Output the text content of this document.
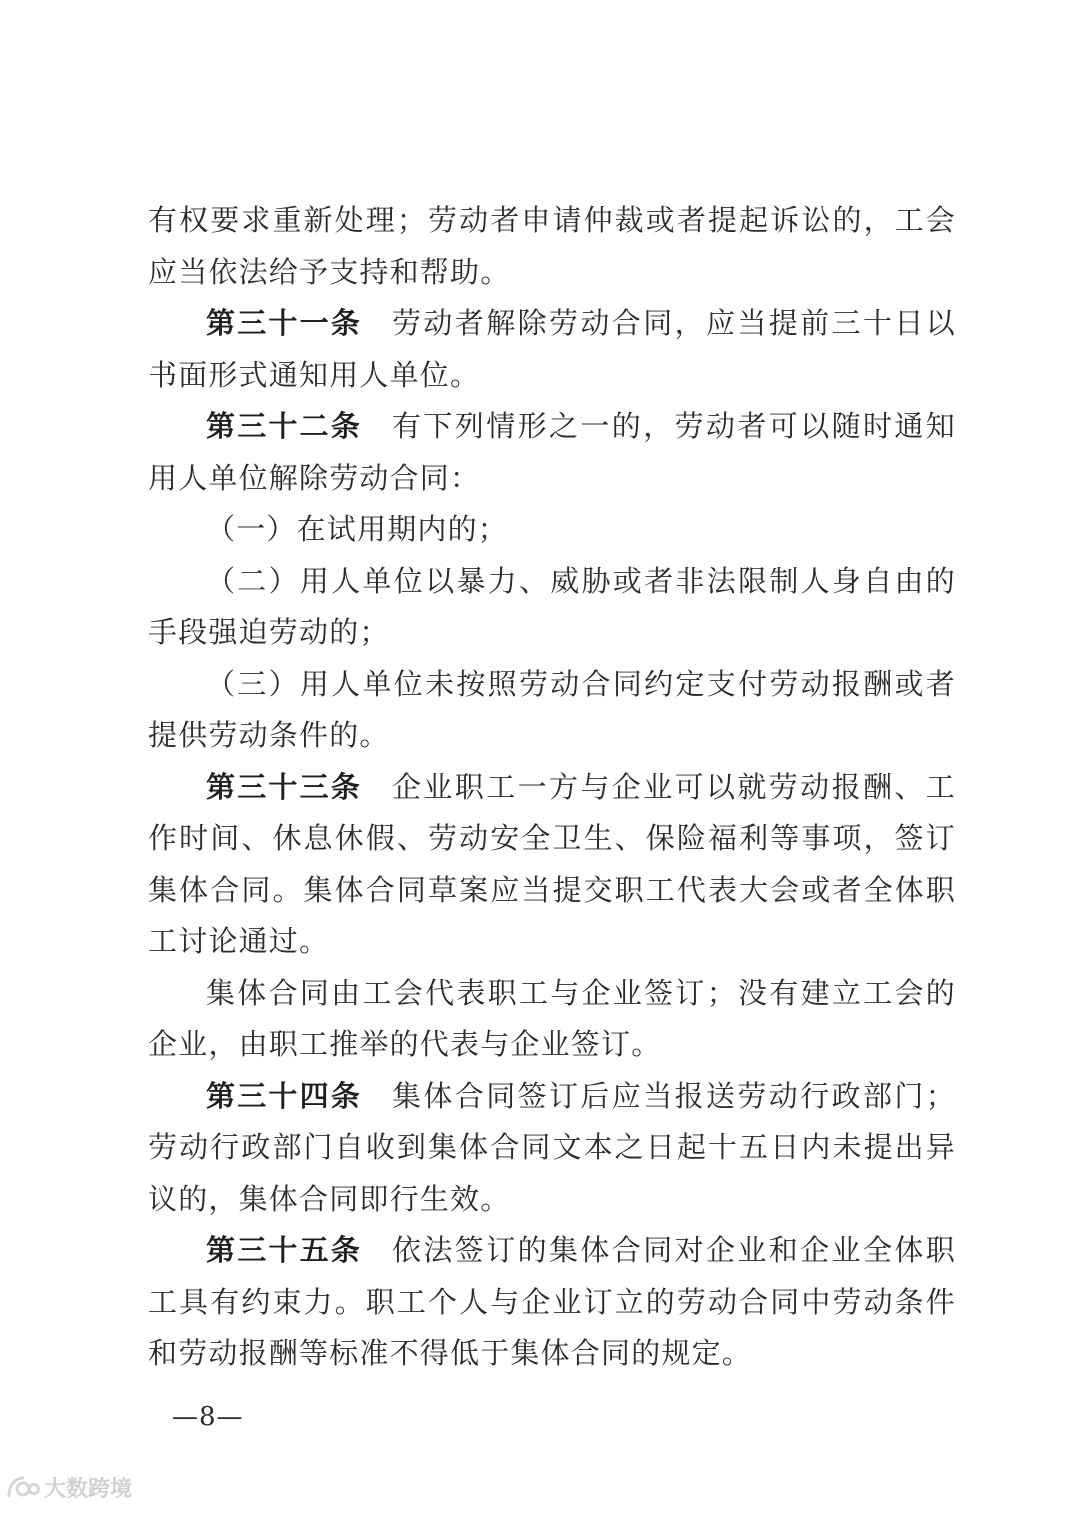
有权要求重新处理；劳动者申请仲裁或者提起诉讼的，工会应当依法给予支持和帮助。

第三十一条 劳动者解除劳动合同，应当提前三十日以书面形式通知用人单位。

第三十二条 有下列情形之一的，劳动者可以随时通知用人单位解除劳动合同：

（一）在试用期内的；

（二）用人单位以暴力、威胁或者非法限制人身自由的手段强迫劳动的；

（三）用人单位未按照劳动合同约定支付劳动报酬或者提供劳动条件的。

第三十三条 企业职工一方与企业可以就劳动报酬、工作时间、休息休假、劳动安全卫生、保险福利等事项，签订集体合同。集体合同草案应当提交职工代表大会或者全体职工讨论通过。

集体合同由工会代表职工与企业签订；没有建立工会的企业，由职工推举的代表与企业签订。

第三十四条 集体合同签订后应当报送劳动行政部门；劳动行政部门自收到集体合同文本之日起十五日内未提出异议的，集体合同即行生效。

第三十五条 依法签订的集体合同对企业和企业全体职工具有约束力。职工个人与企业订立的劳动合同中劳动条件和劳动报酬等标准不得低于集体合同的规定。

—8—
大数跨境
